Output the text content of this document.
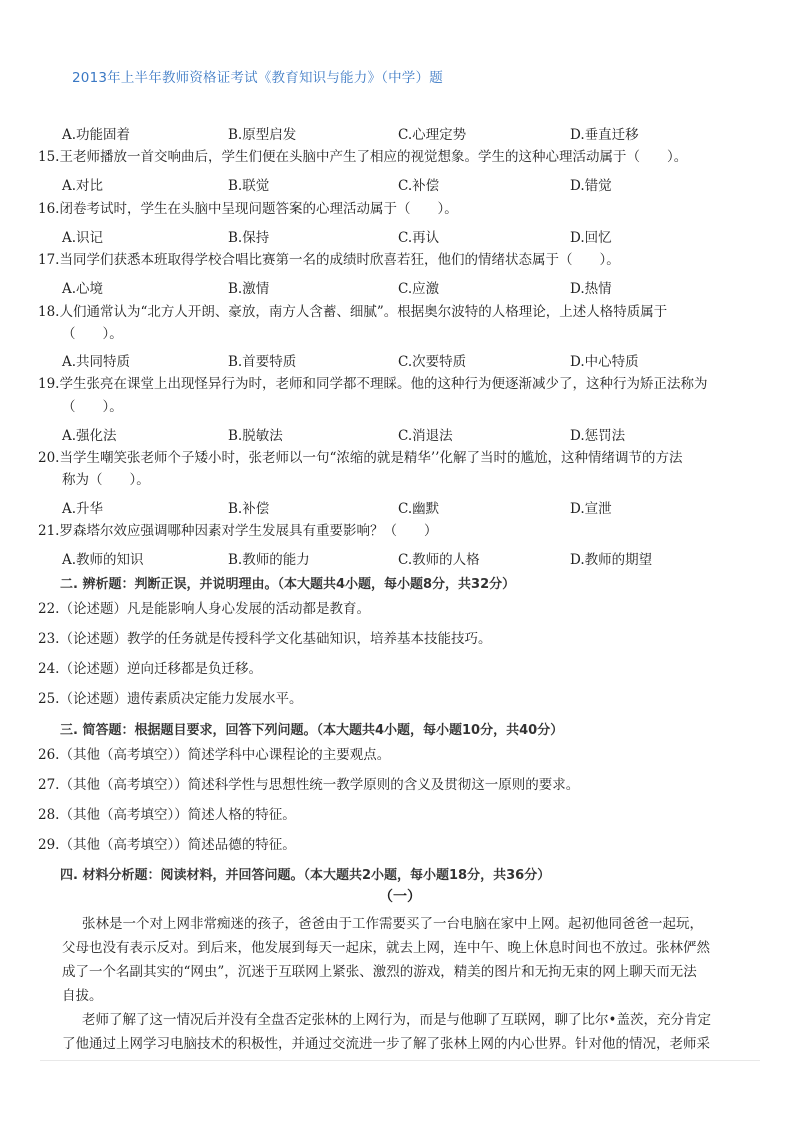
2013年上半年教师资格证考试《教育知识与能力》（中学）题
A.功能固着	B.原型启发	C.心理定势	D.垂直迁移
15.王老师播放一首交响曲后，学生们便在头脑中产生了相应的视觉想象。学生的这种心理活动属于（　　）。
A.对比	B.联觉	C.补偿	D.错觉
16.闭卷考试时，学生在头脑中呈现问题答案的心理活动属于（　　）。
A.识记	B.保持	C.再认	D.回忆
17.当同学们获悉本班取得学校合唱比赛第一名的成绩时欣喜若狂，他们的情绪状态属于（　　）。
A.心境	B.激情	C.应激	D.热情
18.人们通常认为“北方人开朗、豪放，南方人含蓄、细腻”。根据奥尔波特的人格理论，上述人格特质属于
（　　）。
A.共同特质	B.首要特质	C.次要特质	D.中心特质
19.学生张亮在课堂上出现怪异行为时，老师和同学都不理睬。他的这种行为便逐渐减少了，这种行为矫正法称为
（　　）。
A.强化法	B.脱敏法	C.消退法	D.惩罚法
20.当学生嘲笑张老师个子矮小时，张老师以一句“浓缩的就是精华’’化解了当时的尴尬，这种情绪调节的方法
称为（　　）。
A.升华	B.补偿	C.幽默	D.宣泄
21.罗森塔尔效应强调哪种因素对学生发展具有重要影响？（　　）
A.教师的知识	B.教师的能力	C.教师的人格	D.教师的期望
二. 辨析题：判断正误，并说明理由。（本大题共4小题，每小题8分，共32分）
22.（论述题）凡是能影响人身心发展的活动都是教育。
23.（论述题）教学的任务就是传授科学文化基础知识，培养基本技能技巧。
24.（论述题）逆向迁移都是负迁移。
25.（论述题）遗传素质决定能力发展水平。
三. 简答题：根据题目要求，回答下列问题。（本大题共4小题，每小题10分，共40分）
26.（其他（高考填空））简述学科中心课程论的主要观点。
27.（其他（高考填空））简述科学性与思想性统一教学原则的含义及贯彻这一原则的要求。
28.（其他（高考填空））简述人格的特征。
29.（其他（高考填空））简述品德的特征。
四. 材料分析题：阅读材料，并回答问题。（本大题共2小题，每小题18分，共36分）
（一）
张林是一个对上网非常痴迷的孩子，爸爸由于工作需要买了一台电脑在家中上网。起初他同爸爸一起玩，
父母也没有表示反对。到后来，他发展到每天一起床，就去上网，连中午、晚上休息时间也不放过。张林俨然
成了一个名副其实的“网虫”，沉迷于互联网上紧张、激烈的游戏，精美的图片和无拘无束的网上聊天而无法
自拔。
老师了解了这一情况后并没有全盘否定张林的上网行为，而是与他聊了互联网，聊了比尔•盖茨，充分肯定
了他通过上网学习电脑技术的积极性，并通过交流进一步了解了张林上网的内心世界。针对他的情况，老师采
